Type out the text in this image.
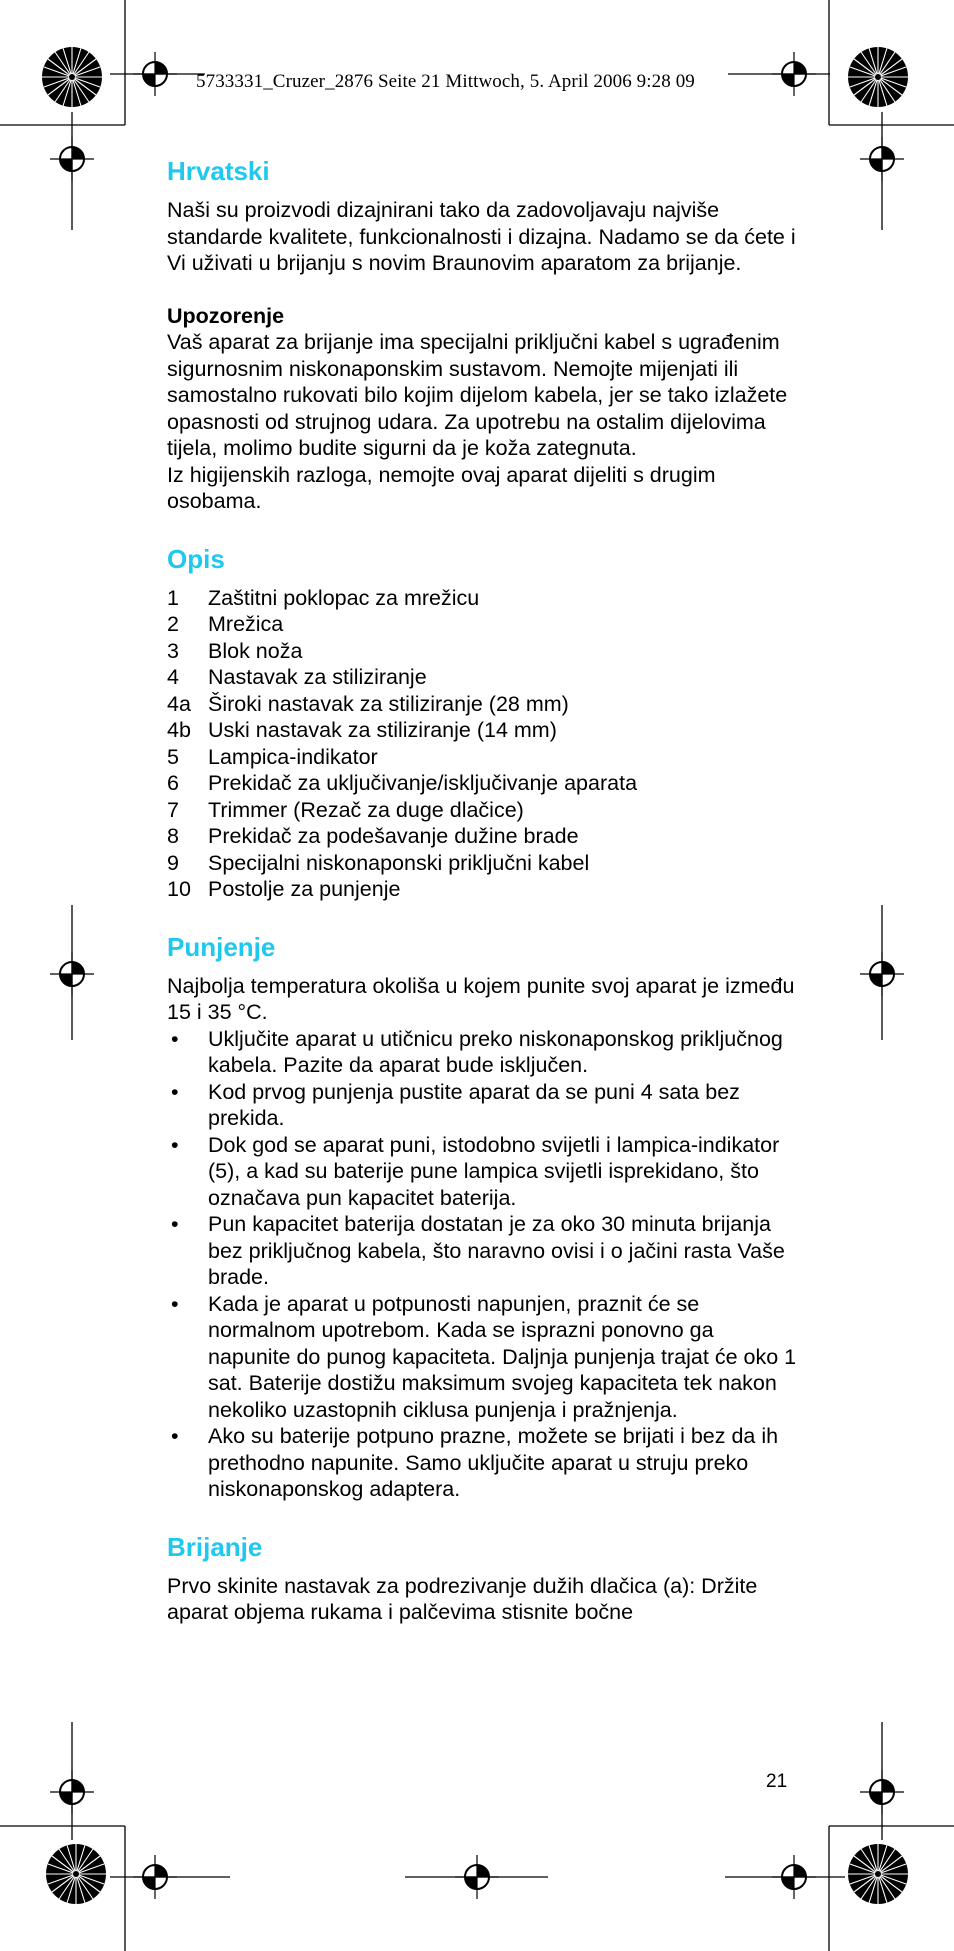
5733331_Cruzer_2876 Seite 21 Mittwoch, 5. April 2006 9:28 09
Hrvatski

Naši su proizvodi dizajnirani tako da zadovoljavaju najviše standarde kvalitete, funkcionalnosti i dizajna. Nadamo se da ćete i Vi uživati u brijanju s novim Braunovim aparatom za brijanje.

Upozorenje

Vaš aparat za brijanje ima specijalni priključni kabel s ugrađenim sigurnosnim niskonaponskim sustavom. Nemojte mijenjati ili samostalno rukovati bilo kojim dijelom kabela, jer se tako izlažete opasnosti od strujnog udara. Za upotrebu na ostalim dijelovima tijela, molimo budite sigurni da je koža zategnuta.

Iz higijenskih razloga, nemojte ovaj aparat dijeliti s drugim osobama.

Opis
1	Zaštitni poklopac za mrežicu
2	Mrežica
3	Blok noža
4	Nastavak za stiliziranje
4a Široki nastavak za stiliziranje (28 mm)
4b Uski nastavak za stiliziranje (14 mm)
5	Lampica-indikator
6	Prekidač za uključivanje/isključivanje aparata
7	Trimmer (Rezač za duge dlačice)
8	Prekidač za podešavanje dužine brade
9	Specijalni niskonaponski priključni kabel
10 Postolje za punjenje
Punjenje

Najbolja temperatura okoliša u kojem punite svoj aparat je između 15 i 35 °C.

•	Uključite aparat u utičnicu preko niskonaponskog priključnog kabela. Pazite da aparat bude isključen.
•	Kod prvog punjenja pustite aparat da se puni 4 sata bez prekida.
•	Dok god se aparat puni, istodobno svijetli i lampica-indikator (5), a kad su baterije pune lampica svijetli isprekidano, što označava pun kapacitet baterija.
•	Pun kapacitet baterija dostatan je za oko 30 minuta brijanja bez priključnog kabela, što naravno ovisi i o jačini rasta Vaše brade.
•	Kada je aparat u potpunosti napunjen, praznit će se normalnom upotrebom. Kada se isprazni ponovno ga napunite do punog kapaciteta. Daljnja punjenja trajat će oko 1 sat. Baterije dostižu maksimum svojeg kapaciteta tek nakon nekoliko uzastopnih ciklusa punjenja i pražnjenja.
•	Ako su baterije potpuno prazne, možete se brijati i bez da ih prethodno napunite. Samo uključite aparat u struju preko niskonaponskog adaptera.
Brijanje

Prvo skinite nastavak za podrezivanje dužih dlačica (a): Držite aparat objema rukama i palčevima stisnite bočne

21
